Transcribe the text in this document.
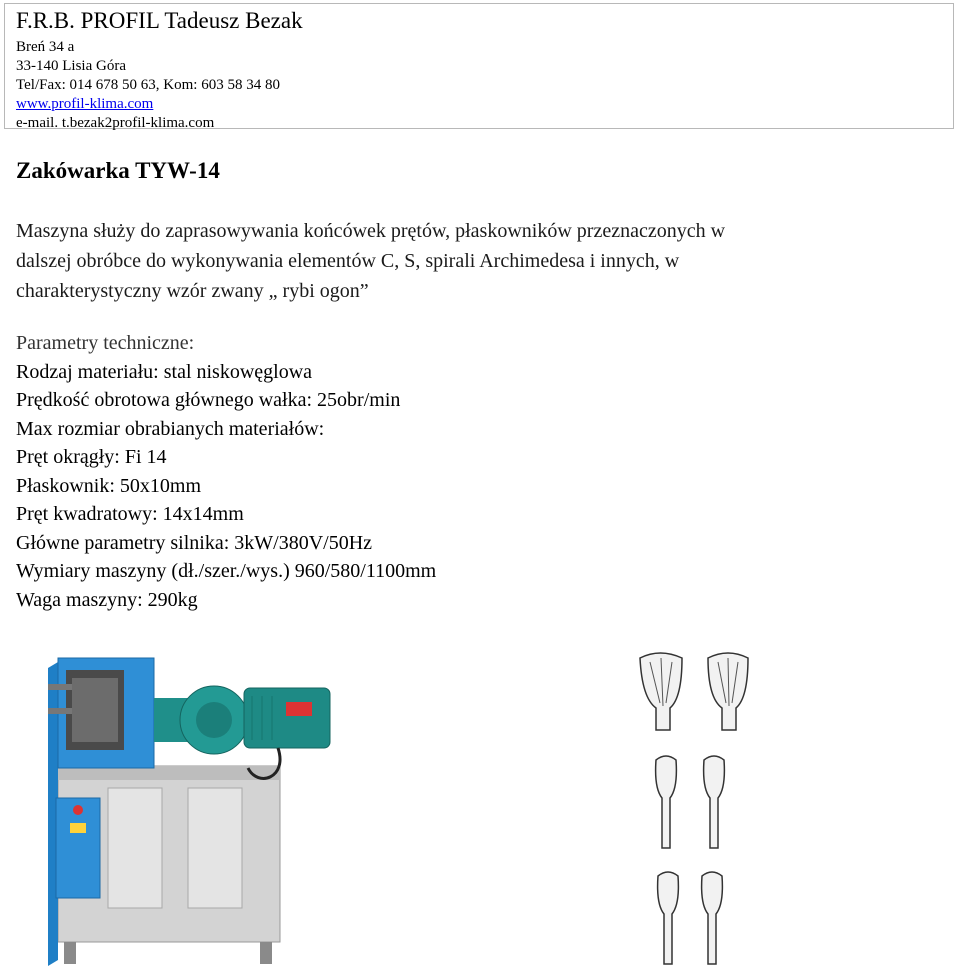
F.R.B. PROFIL Tadeusz Bezak
Breń 34 a
33-140 Lisia Góra
Tel/Fax: 014 678 50 63, Kom: 603 58 34 80
www.profil-klima.com
e-mail. t.bezak2profil-klima.com
Zakówarka TYW-14
Maszyna służy do zaprasowywania końcówek prętów, płaskowników przeznaczonych w
dalszej obróbce do wykonywania elementów C, S, spirali Archimedesa i innych, w
charakterystyczny wzór zwany „ rybi ogon”
Parametry techniczne:
Rodzaj materiału: stal niskowęglowa
Prędkość obrotowa głównego wałka: 25obr/min
Max rozmiar obrabianych materiałów:
Pręt okrągły: Fi 14
Płaskownik: 50x10mm
Pręt kwadratowy: 14x14mm
Główne parametry silnika: 3kW/380V/50Hz
Wymiary maszyny (dł./szer./wys.) 960/580/1100mm
Waga maszyny: 290kg
